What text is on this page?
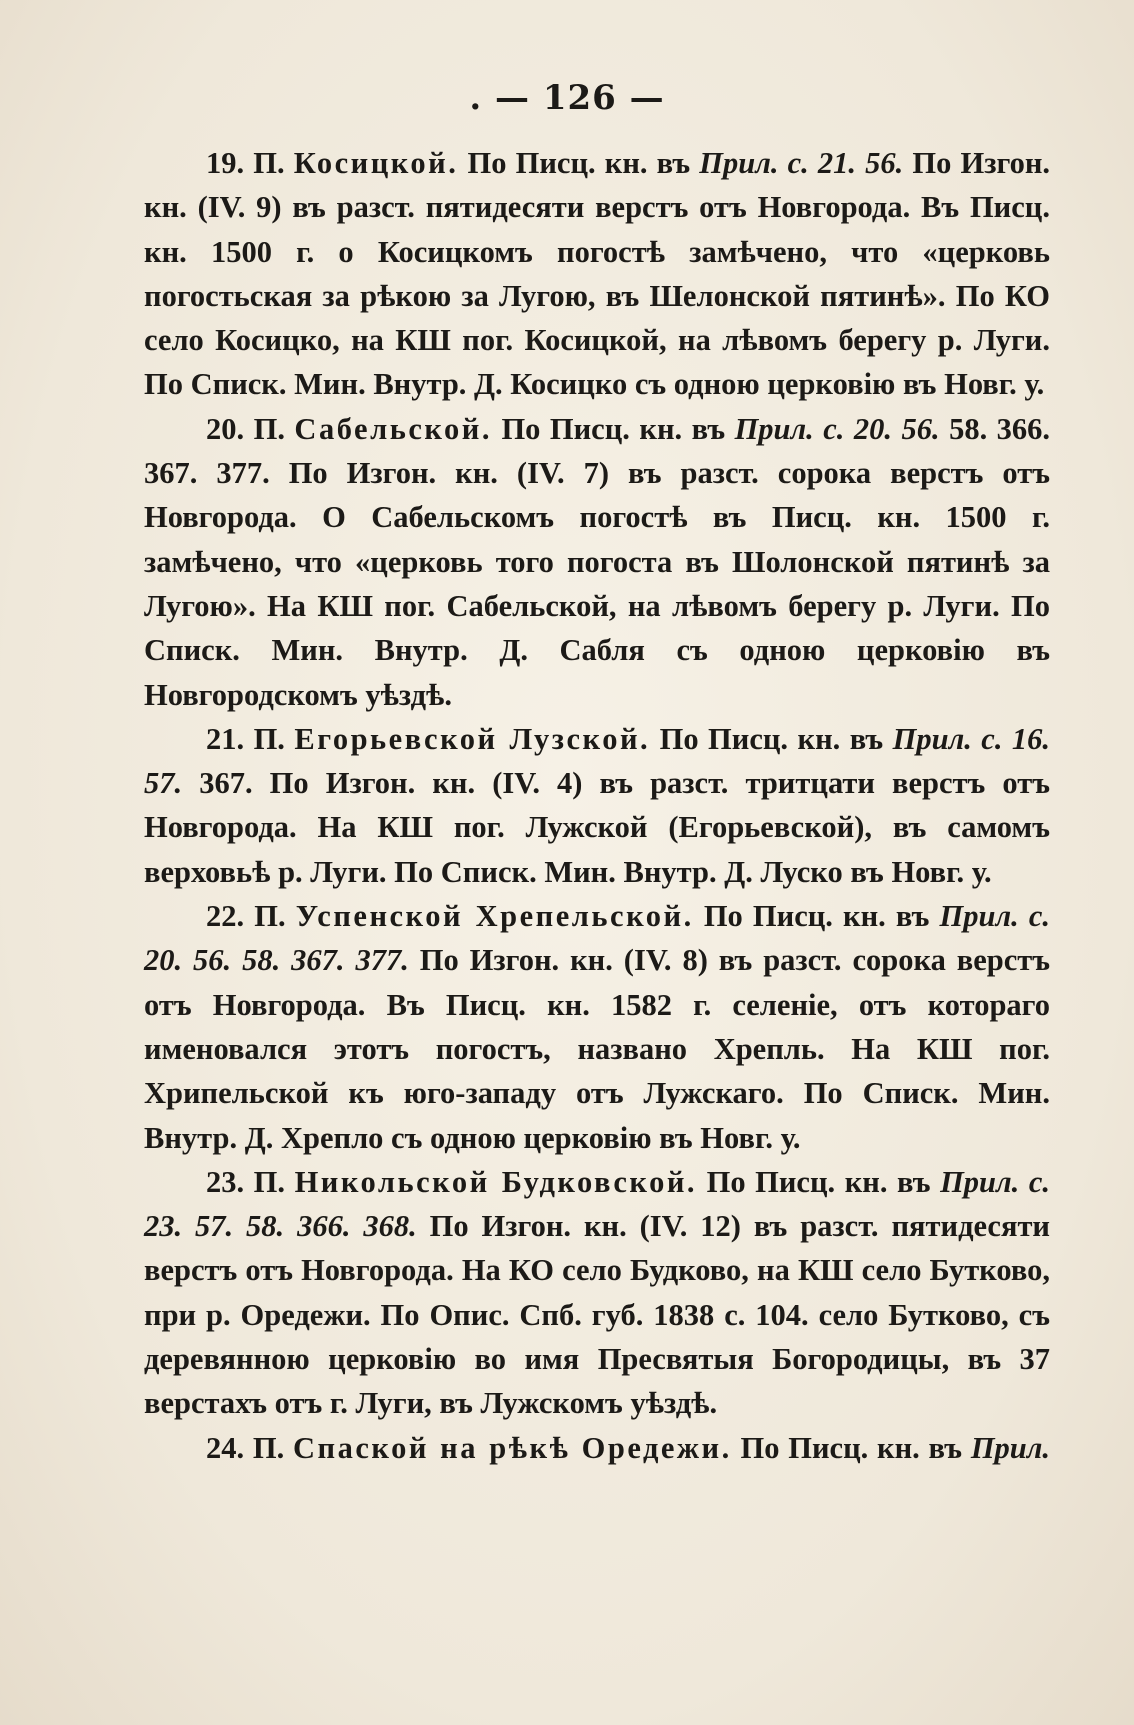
. — 126 —

19. П. Косицкой. По Писц. кн. въ Прил. с. 21. 56. По Изгон. кн. (IV. 9) въ разст. пятидесяти верстъ отъ Новгорода. Въ Писц. кн. 1500 г. о Косицкомъ погостѣ замѣчено, что «церковь погостьская за рѣкою за Лугою, въ Шелонской пятинѣ». По КО село Косицко, на КШ пог. Косицкой, на лѣвомъ берегу р. Луги. По Списк. Мин. Внутр. Д. Косицко съ одною церковію въ Новг. у.

20. П. Сабельской. По Писц. кн. въ Прил. с. 20. 56. 58. 366. 367. 377. По Изгон. кн. (IV. 7) въ разст. сорока верстъ отъ Новгорода. О Сабельскомъ погостѣ въ Писц. кн. 1500 г. замѣчено, что «церковь того погоста въ Шолонской пятинѣ за Лугою». На КШ пог. Сабельской, на лѣвомъ берегу р. Луги. По Списк. Мин. Внутр. Д. Сабля съ одною церковію въ Новгородскомъ уѣздѣ.

21. П. Егорьевской Лузской. По Писц. кн. въ Прил. с. 16. 57. 367. По Изгон. кн. (IV. 4) въ разст. тритцати верстъ отъ Новгорода. На КШ пог. Лужской (Егорьевской), въ самомъ верховьѣ р. Луги. По Списк. Мин. Внутр. Д. Луско въ Новг. у.

22. П. Успенской Хрепельской. По Писц. кн. въ Прил. с. 20. 56. 58. 367. 377. По Изгон. кн. (IV. 8) въ разст. сорока верстъ отъ Новгорода. Въ Писц. кн. 1582 г. селеніе, отъ котораго именовался этотъ погостъ, названо Хрепль. На КШ пог. Хрипельской къ юго-западу отъ Лужскаго. По Списк. Мин. Внутр. Д. Хрепло съ одною церковію въ Новг. у.

23. П. Никольской Будковской. По Писц. кн. въ Прил. с. 23. 57. 58. 366. 368. По Изгон. кн. (IV. 12) въ разст. пятидесяти верстъ отъ Новгорода. На КО село Будково, на КШ село Бутково, при р. Оредежи. По Опис. Спб. губ. 1838 с. 104. село Бутково, съ деревянною церковію во имя Пресвятыя Богородицы, въ 37 верстахъ отъ г. Луги, въ Лужскомъ уѣздѣ.

24. П. Спаской на рѣкѣ Оредежи. По Писц. кн. въ Прил.
